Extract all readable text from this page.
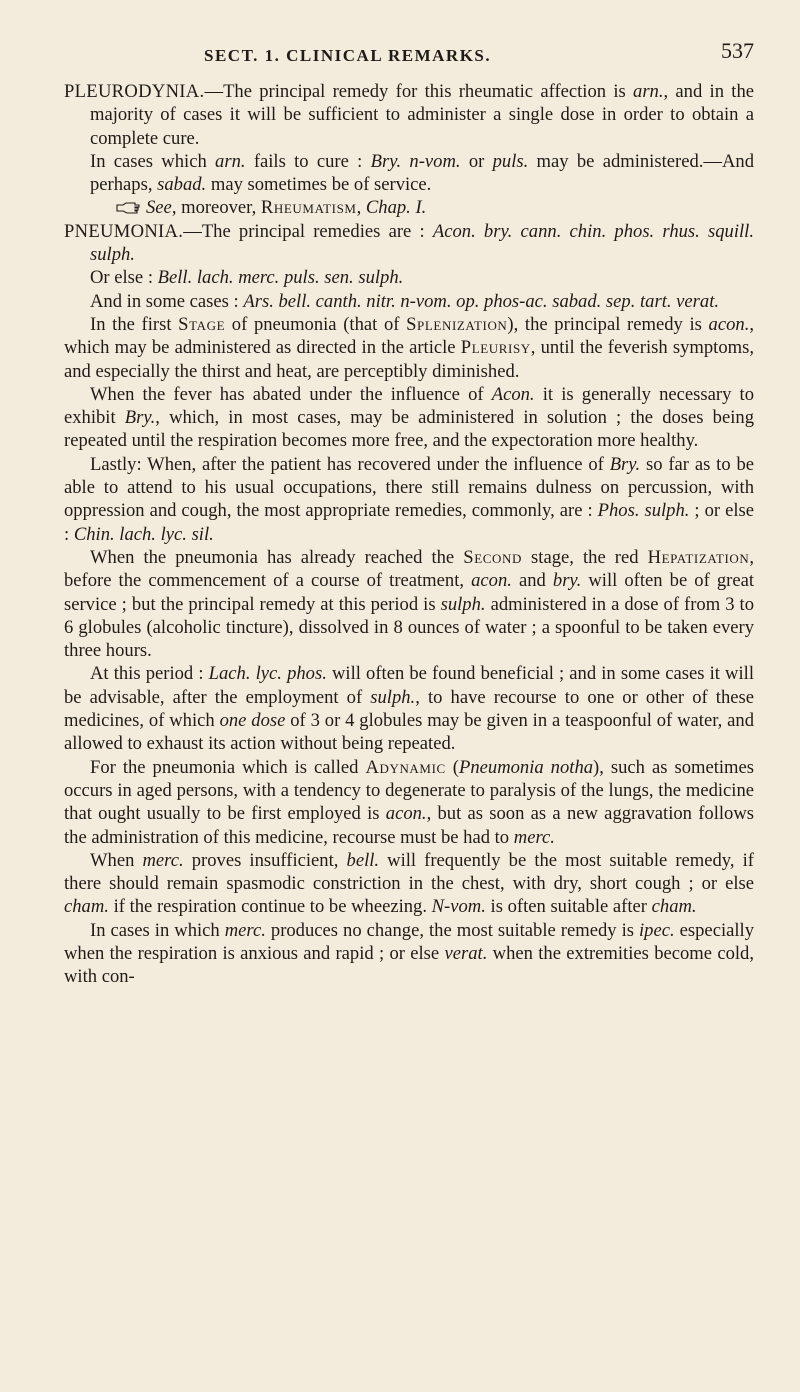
SECT. 1. CLINICAL REMARKS.	537

PLEURODYNIA.—The principal remedy for this rheumatic affection is arn., and in the majority of cases it will be sufficient to administer a single dose in order to obtain a complete cure.

In cases which arn. fails to cure : Bry. n-vom. or puls. may be administered.—And perhaps, sabad. may sometimes be of service.

See, moreover, Rheumatism, Chap. I.

PNEUMONIA.—The principal remedies are : Acon. bry. cann. chin. phos. rhus. squill. sulph.

Or else : Bell. lach. merc. puls. sen. sulph.

And in some cases : Ars. bell. canth. nitr. n-vom. op. phos-ac. sabad. sep. tart. verat.

In the first Stage of pneumonia (that of Splenization), the principal remedy is acon., which may be administered as directed in the article Pleurisy, until the feverish symptoms, and especially the thirst and heat, are perceptibly diminished.

When the fever has abated under the influence of Acon. it is generally necessary to exhibit Bry., which, in most cases, may be administered in solution ; the doses being repeated until the respiration becomes more free, and the expectoration more healthy.

Lastly: When, after the patient has recovered under the influence of Bry. so far as to be able to attend to his usual occupations, there still remains dulness on percussion, with oppression and cough, the most appropriate remedies, commonly, are : Phos. sulph. ; or else : Chin. lach. lyc. sil.

When the pneumonia has already reached the Second stage, the red Hepatization, before the commencement of a course of treatment, acon. and bry. will often be of great service ; but the principal remedy at this period is sulph. administered in a dose of from 3 to 6 globules (alcoholic tincture), dissolved in 8 ounces of water ; a spoonful to be taken every three hours.

At this period : Lach. lyc. phos. will often be found beneficial ; and in some cases it will be advisable, after the employment of sulph., to have recourse to one or other of these medicines, of which one dose of 3 or 4 globules may be given in a teaspoonful of water, and allowed to exhaust its action without being repeated.

For the pneumonia which is called Adynamic (Pneumonia notha), such as sometimes occurs in aged persons, with a tendency to degenerate to paralysis of the lungs, the medicine that ought usually to be first employed is acon., but as soon as a new aggravation follows the administration of this medicine, recourse must be had to merc.

When merc. proves insufficient, bell. will frequently be the most suitable remedy, if there should remain spasmodic constriction in the chest, with dry, short cough ; or else cham. if the respiration continue to be wheezing. N-vom. is often suitable after cham.

In cases in which merc. produces no change, the most suitable remedy is ipec. especially when the respiration is anxious and rapid ; or else verat. when the extremities become cold, with con-
